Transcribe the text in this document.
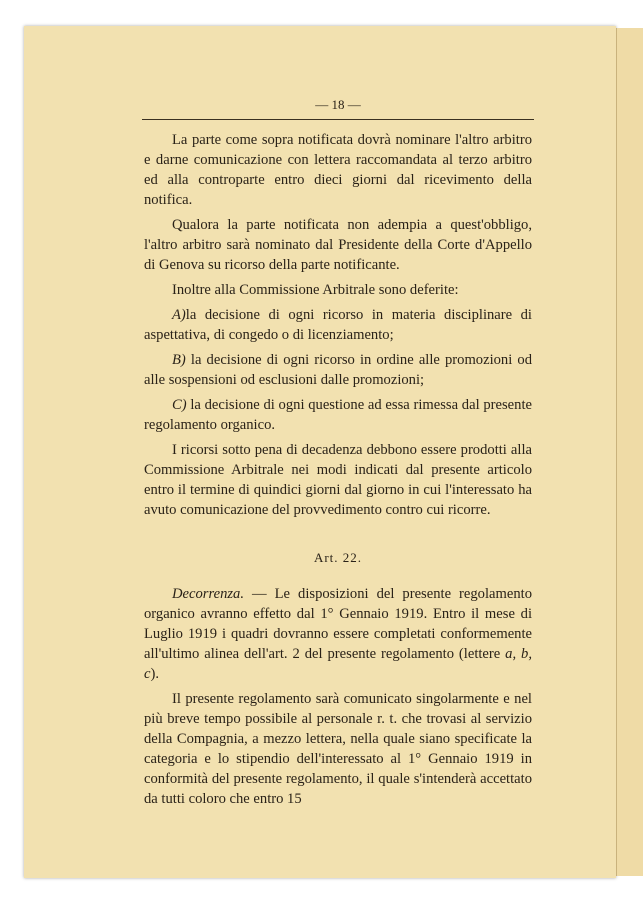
— 18 —

La parte come sopra notificata dovrà nominare l'altro arbitro e darne comunicazione con lettera raccomandata al terzo arbitro ed alla controparte entro dieci giorni dal ricevimento della notifica.

Qualora la parte notificata non adempia a quest'obbligo, l'altro arbitro sarà nominato dal Presidente della Corte d'Appello di Genova su ricorso della parte notificante.

Inoltre alla Commissione Arbitrale sono deferite:

A)la decisione di ogni ricorso in materia disciplinare di aspettativa, di congedo o di licenziamento;

B) la decisione di ogni ricorso in ordine alle promozioni od alle sospensioni od esclusioni dalle promozioni;

C) la decisione di ogni questione ad essa rimessa dal presente regolamento organico.

I ricorsi sotto pena di decadenza debbono essere prodotti alla Commissione Arbitrale nei modi indicati dal presente articolo entro il termine di quindici giorni dal giorno in cui l'interessato ha avuto comunicazione del provvedimento contro cui ricorre.

Art. 22.

Decorrenza. — Le disposizioni del presente regolamento organico avranno effetto dal 1° Gennaio 1919. Entro il mese di Luglio 1919 i quadri dovranno essere completati conformemente all'ultimo alinea dell'art. 2 del presente regolamento (lettere a, b, c).

Il presente regolamento sarà comunicato singolarmente e nel più breve tempo possibile al personale r. t. che trovasi al servizio della Compagnia, a mezzo lettera, nella quale siano specificate la categoria e lo stipendio dell'interessato al 1° Gennaio 1919 in conformità del presente regolamento, il quale s'intenderà accettato da tutti coloro che entro 15
